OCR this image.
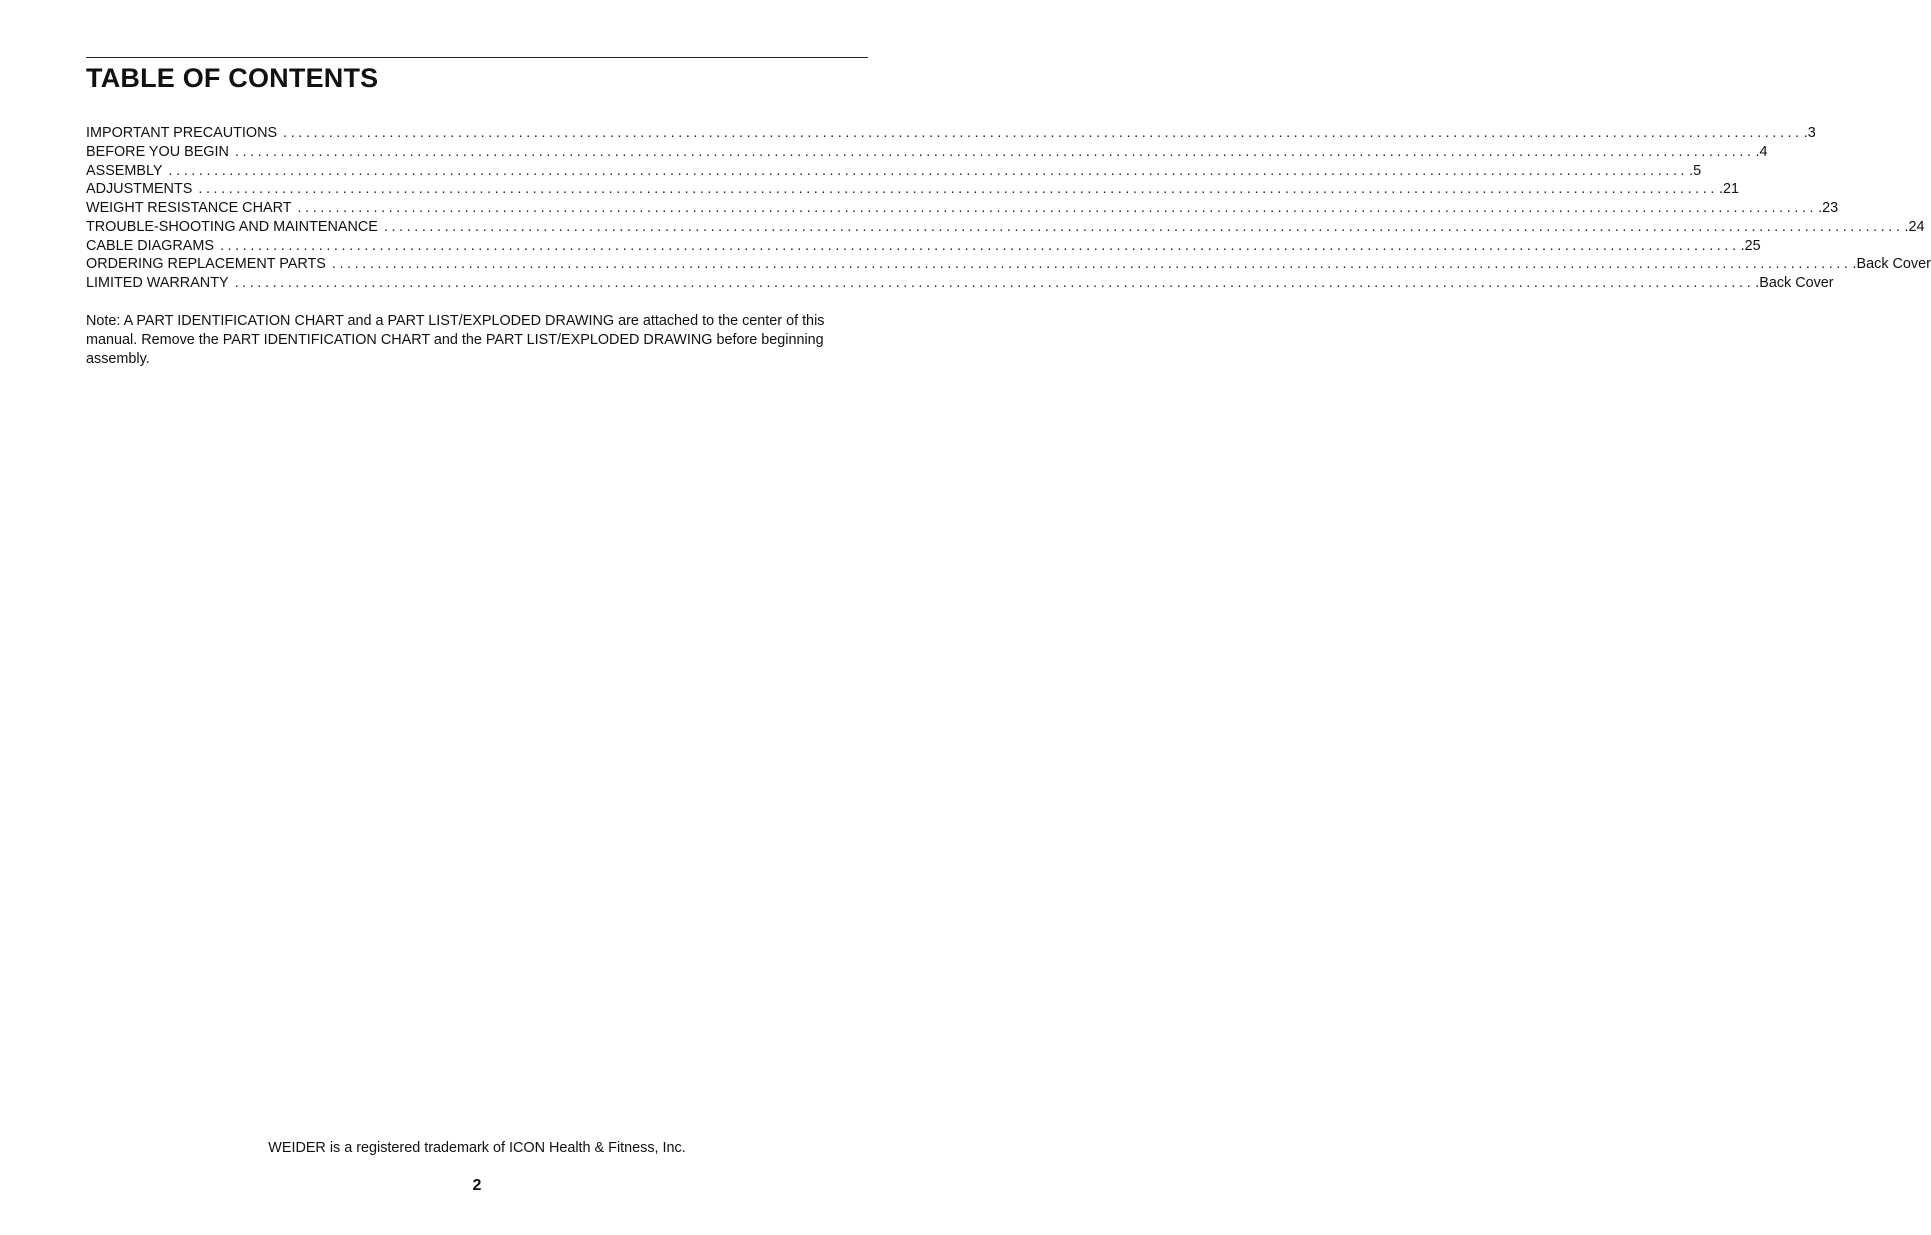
TABLE OF CONTENTS
IMPORTANT PRECAUTIONS ........................................................................................................................................................................................................ .3
BEFORE YOU BEGIN ........................................................................................................................................................................................................ .4
ASSEMBLY ........................................................................................................................................................................................................ .5
ADJUSTMENTS ........................................................................................................................................................................................................ .21
WEIGHT RESISTANCE CHART ........................................................................................................................................................................................................ .23
TROUBLE-SHOOTING AND MAINTENANCE ........................................................................................................................................................................................................ .24
CABLE DIAGRAMS ........................................................................................................................................................................................................ .25
ORDERING REPLACEMENT PARTS ........................................................................................................................................................................................................ .Back Cover
LIMITED WARRANTY ........................................................................................................................................................................................................ .Back Cover

Note: A PART IDENTIFICATION CHART and a PART LIST/EXPLODED DRAWING are attached to the center of this manual. Remove the PART IDENTIFICATION CHART and the PART LIST/EXPLODED DRAWING before beginning assembly.

WEIDER is a registered trademark of ICON Health & Fitness, Inc.

2
